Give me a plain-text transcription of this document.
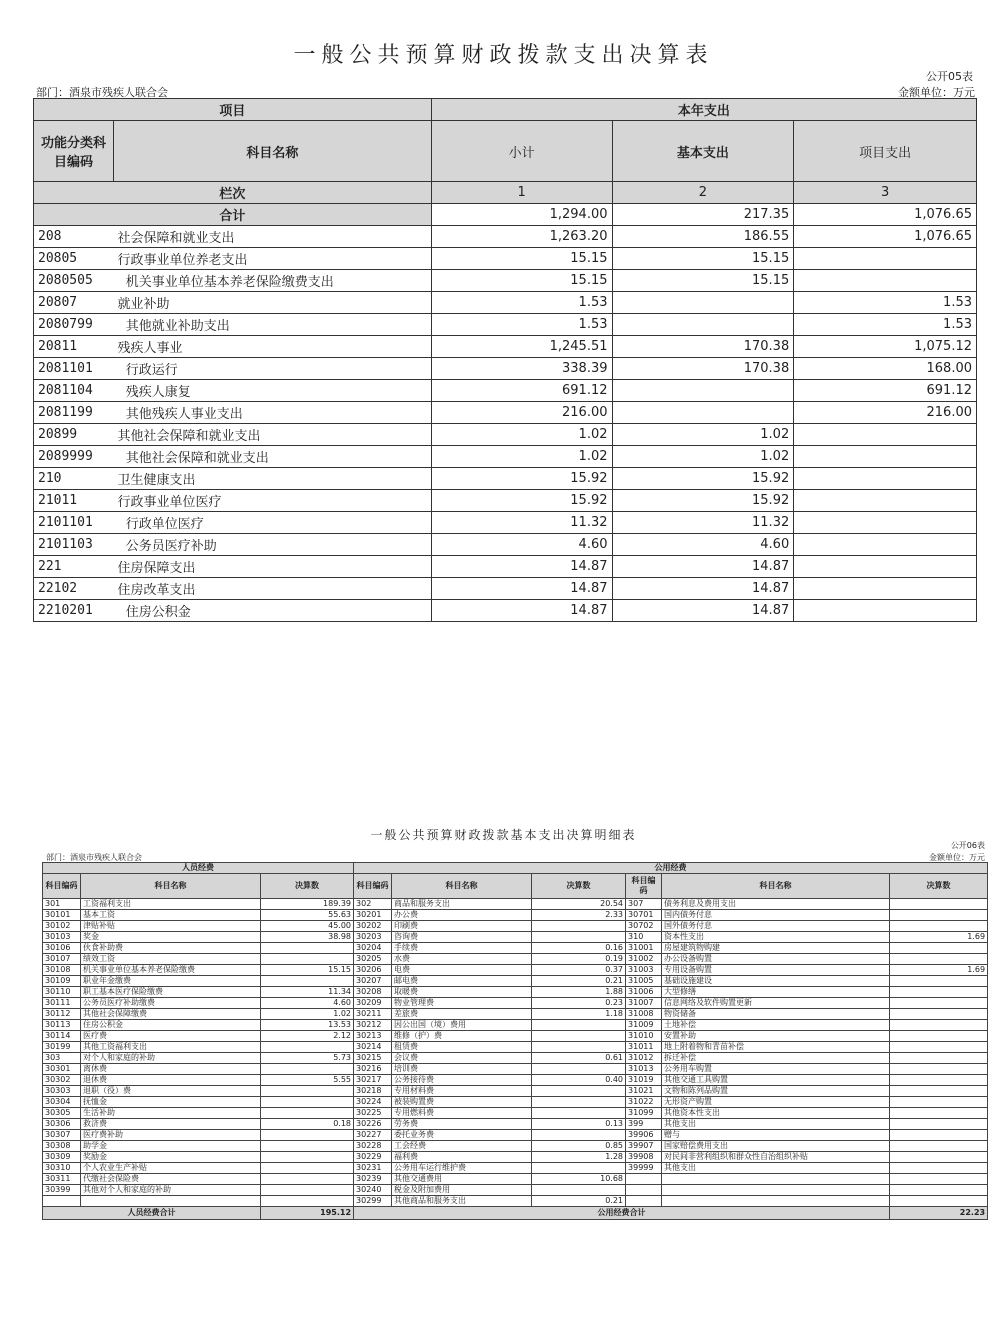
一般公共预算财政拨款支出决算表
公开05表
部门：酒泉市残疾人联合会	金额单位：万元
项目		本年支出		
功能分类科目编码	科目名称	小计	基本支出	项目支出
栏次		1	2	3
合计		1,294.00	217.35	1,076.65
208	社会保障和就业支出	1,263.20	186.55	1,076.65
20805	行政事业单位养老支出	15.15	15.15	
2080505	机关事业单位基本养老保险缴费支出	15.15	15.15	
20807	就业补助	1.53		1.53
2080799	其他就业补助支出	1.53		1.53
20811	残疾人事业	1,245.51	170.38	1,075.12
2081101	行政运行	338.39	170.38	168.00
2081104	残疾人康复	691.12		691.12
2081199	其他残疾人事业支出	216.00		216.00
20899	其他社会保障和就业支出	1.02	1.02	
2089999	其他社会保障和就业支出	1.02	1.02	
210	卫生健康支出	15.92	15.92	
21011	行政事业单位医疗	15.92	15.92	
2101101	行政单位医疗	11.32	11.32	
2101103	公务员医疗补助	4.60	4.60	
221	住房保障支出	14.87	14.87	
22102	住房改革支出	14.87	14.87	
2210201	住房公积金	14.87	14.87	
一般公共预算财政拨款基本支出决算明细表
公开06表
部门：酒泉市残疾人联合会	金额单位：万元
人员经费			公用经费					
科目编码	科目名称	决算数	科目编码	科目名称	决算数	科目编码	科目名称	决算数
301	工资福利支出	189.39	302	商品和服务支出	20.54	307	债务利息及费用支出	
30101	基本工资	55.63	30201	办公费	2.33	30701	国内债务付息	
30102	津贴补贴	45.00	30202	印刷费		30702	国外债务付息	
30103	奖金	38.98	30203	咨询费		310	资本性支出	1.69
30106	伙食补助费		30204	手续费	0.16	31001	房屋建筑物购建	
30107	绩效工资		30205	水费	0.19	31002	办公设备购置	
30108	机关事业单位基本养老保险缴费	15.15	30206	电费	0.37	31003	专用设备购置	1.69
30109	职业年金缴费		30207	邮电费	0.21	31005	基础设施建设	
30110	职工基本医疗保险缴费	11.34	30208	取暖费	1.88	31006	大型修缮	
30111	公务员医疗补助缴费	4.60	30209	物业管理费	0.23	31007	信息网络及软件购置更新	
30112	其他社会保障缴费	1.02	30211	差旅费	1.18	31008	物资储备	
30113	住房公积金	13.53	30212	因公出国（境）费用		31009	土地补偿	
30114	医疗费	2.12	30213	维修（护）费		31010	安置补助	
30199	其他工资福利支出		30214	租赁费		31011	地上附着物和青苗补偿	
303	对个人和家庭的补助	5.73	30215	会议费	0.61	31012	拆迁补偿	
30301	离休费		30216	培训费		31013	公务用车购置	
30302	退休费	5.55	30217	公务接待费	0.40	31019	其他交通工具购置	
30303	退职（役）费		30218	专用材料费		31021	文物和陈列品购置	
30304	抚恤金		30224	被装购置费		31022	无形资产购置	
30305	生活补助		30225	专用燃料费		31099	其他资本性支出	
30306	救济费	0.18	30226	劳务费	0.13	399	其他支出	
30307	医疗费补助		30227	委托业务费		39906	赠与	
30308	助学金		30228	工会经费	0.85	39907	国家赔偿费用支出	
30309	奖励金		30229	福利费	1.28	39908	对民间非营利组织和群众性自治组织补贴	
30310	个人农业生产补贴		30231	公务用车运行维护费		39999	其他支出	
30311	代缴社会保险费		30239	其他交通费用	10.68			
30399	其他对个人和家庭的补助		30240	税金及附加费用				
			30299	其他商品和服务支出	0.21			
人员经费合计		195.12	公用经费合计					22.23
